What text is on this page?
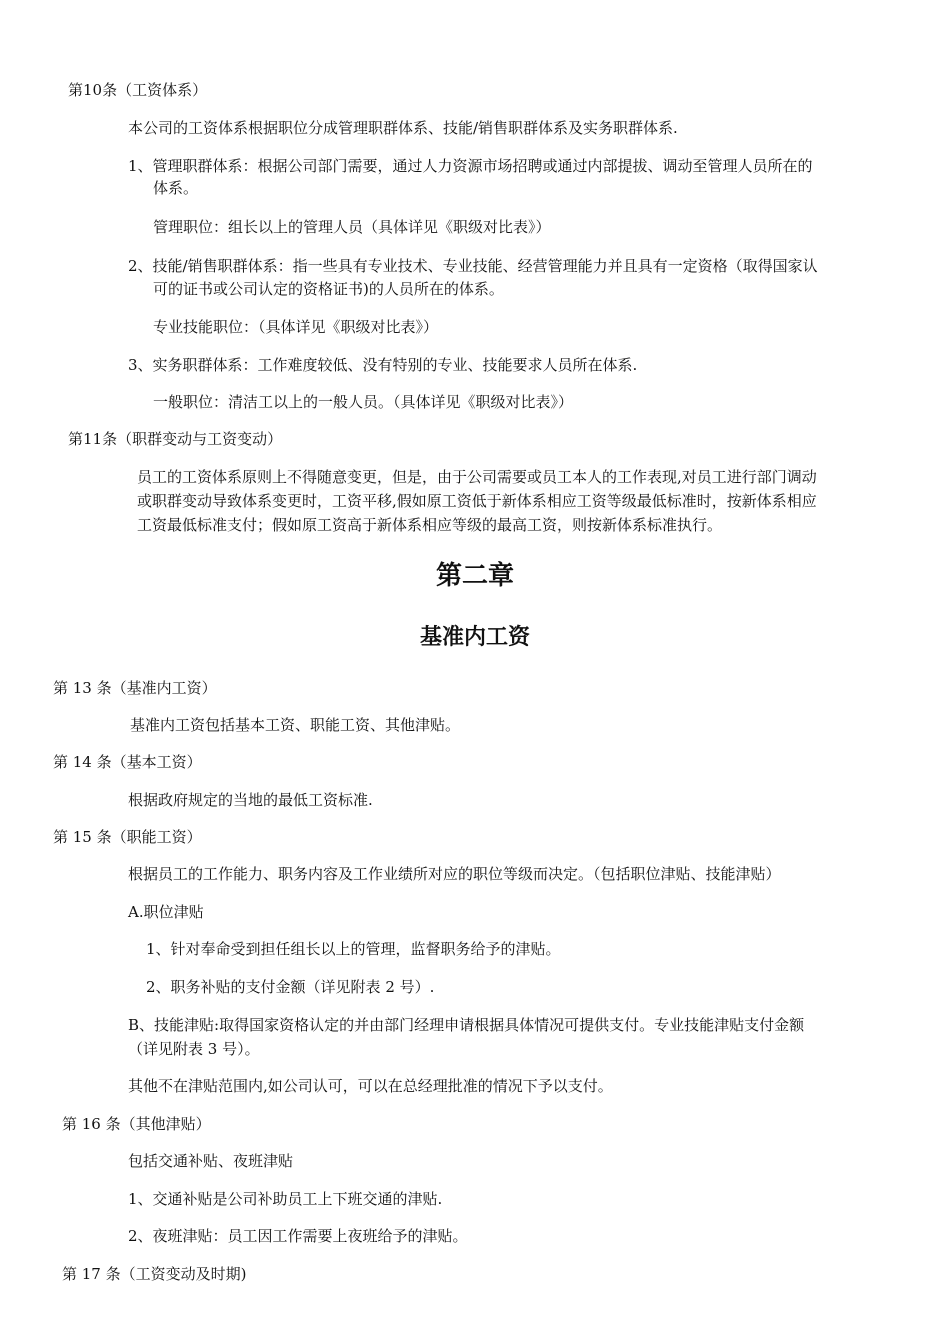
第10条（工资体系）
本公司的工资体系根据职位分成管理职群体系、技能/销售职群体系及实务职群体系.
1、管理职群体系：根据公司部门需要，通过人力资源市场招聘或通过内部提拔、调动至管理人员所在的
体系。
管理职位：组长以上的管理人员（具体详见《职级对比表》）
2、技能/销售职群体系：指一些具有专业技术、专业技能、经营管理能力并且具有一定资格（取得国家认
可的证书或公司认定的资格证书)的人员所在的体系。
专业技能职位：（具体详见《职级对比表》）
3、实务职群体系：工作难度较低、没有特别的专业、技能要求人员所在体系.
一般职位：清洁工以上的一般人员。（具体详见《职级对比表》）
第11条（职群变动与工资变动）
员工的工资体系原则上不得随意变更，但是，由于公司需要或员工本人的工作表现,对员工进行部门调动
或职群变动导致体系变更时，工资平移,假如原工资低于新体系相应工资等级最低标准时，按新体系相应
工资最低标准支付；假如原工资高于新体系相应等级的最高工资，则按新体系标准执行。
第二章
基准内工资
第 13 条（基准内工资）
基准内工资包括基本工资、职能工资、其他津贴。
第 14 条（基本工资）
根据政府规定的当地的最低工资标准.
第 15 条（职能工资）
根据员工的工作能力、职务内容及工作业绩所对应的职位等级而决定。（包括职位津贴、技能津贴）
A.职位津贴
1、针对奉命受到担任组长以上的管理，监督职务给予的津贴。
2、职务补贴的支付金额（详见附表 2 号）.
B、技能津贴:取得国家资格认定的并由部门经理申请根据具体情况可提供支付。专业技能津贴支付金额
（详见附表 3 号）。
其他不在津贴范围内,如公司认可，可以在总经理批准的情况下予以支付。
第 16 条（其他津贴）
包括交通补贴、夜班津贴
1、交通补贴是公司补助员工上下班交通的津贴.
2、夜班津贴：员工因工作需要上夜班给予的津贴。
第 17 条（工资变动及时期)
